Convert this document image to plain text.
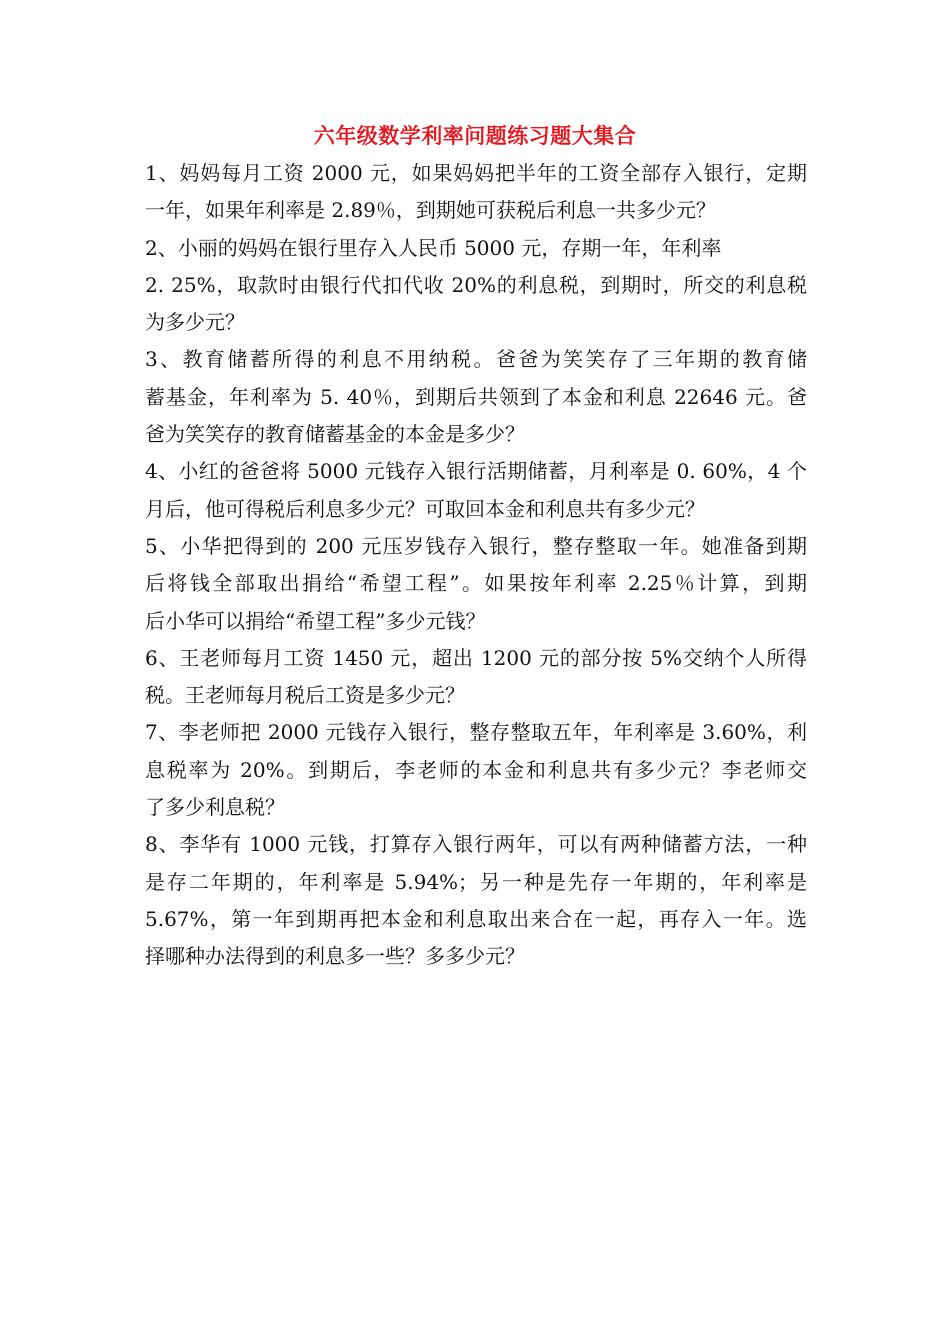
六年级数学利率问题练习题大集合
1、妈妈每月工资 2000 元，如果妈妈把半年的工资全部存入银行，定期
一年，如果年利率是 2.89％，到期她可获税后利息一共多少元？
2、小丽的妈妈在银行里存入人民币 5000 元，存期一年，年利率
2. 25%，取款时由银行代扣代收 20%的利息税，到期时，所交的利息税
为多少元？
3、教育储蓄所得的利息不用纳税。爸爸为笑笑存了三年期的教育储
蓄基金，年利率为 5. 40％，到期后共领到了本金和利息 22646 元。爸
爸为笑笑存的教育储蓄基金的本金是多少？
4、小红的爸爸将 5000 元钱存入银行活期储蓄，月利率是 0. 60%，4 个
月后，他可得税后利息多少元？可取回本金和利息共有多少元？
5、小华把得到的 200 元压岁钱存入银行，整存整取一年。她准备到期
后将钱全部取出捐给“希望工程”。如果按年利率 2.25％计算，到期
后小华可以捐给“希望工程”多少元钱？
6、王老师每月工资 1450 元，超出 1200 元的部分按 5%交纳个人所得
税。王老师每月税后工资是多少元？
7、李老师把 2000 元钱存入银行，整存整取五年，年利率是 3.60%，利
息税率为 20%。到期后，李老师的本金和利息共有多少元？李老师交
了多少利息税？
8、李华有 1000 元钱，打算存入银行两年，可以有两种储蓄方法，一种
是存二年期的，年利率是 5.94%；另一种是先存一年期的，年利率是
5.67%，第一年到期再把本金和利息取出来合在一起，再存入一年。选
择哪种办法得到的利息多一些？多多少元？
